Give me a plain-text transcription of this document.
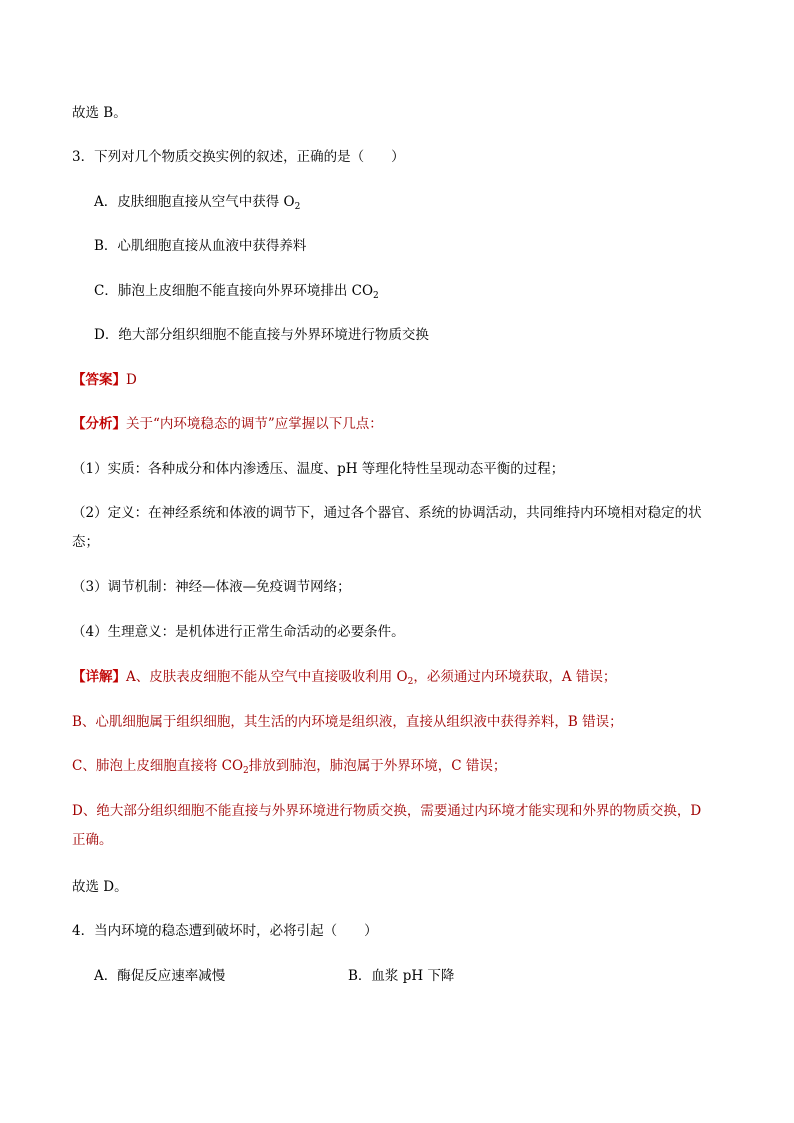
故选 B。
3．下列对几个物质交换实例的叙述，正确的是（　　）
A．皮肤细胞直接从空气中获得 $O_2$
B．心肌细胞直接从血液中获得养料
C．肺泡上皮细胞不能直接向外界环境排出 $CO_2$
D．绝大部分组织细胞不能直接与外界环境进行物质交换
【答案】D
【分析】关于“内环境稳态的调节”应掌握以下几点：
（1）实质：各种成分和体内渗透压、温度、pH 等理化特性呈现动态平衡的过程；
（2）定义：在神经系统和体液的调节下，通过各个器官、系统的协调活动，共同维持内环境相对稳定的状
态；
（3）调节机制：神经—体液—免疫调节网络；
（4）生理意义：是机体进行正常生命活动的必要条件。
【详解】A、皮肤表皮细胞不能从空气中直接吸收利用 $O_2$，必须通过内环境获取，A 错误；
B、心肌细胞属于组织细胞，其生活的内环境是组织液，直接从组织液中获得养料，B 错误；
C、肺泡上皮细胞直接将 $CO_2$排放到肺泡，肺泡属于外界环境，C 错误；
D、绝大部分组织细胞不能直接与外界环境进行物质交换，需要通过内环境才能实现和外界的物质交换，D
正确。
故选 D。
4．当内环境的稳态遭到破坏时，必将引起（　　）
A．酶促反应速率减慢	B．血浆 pH 下降
